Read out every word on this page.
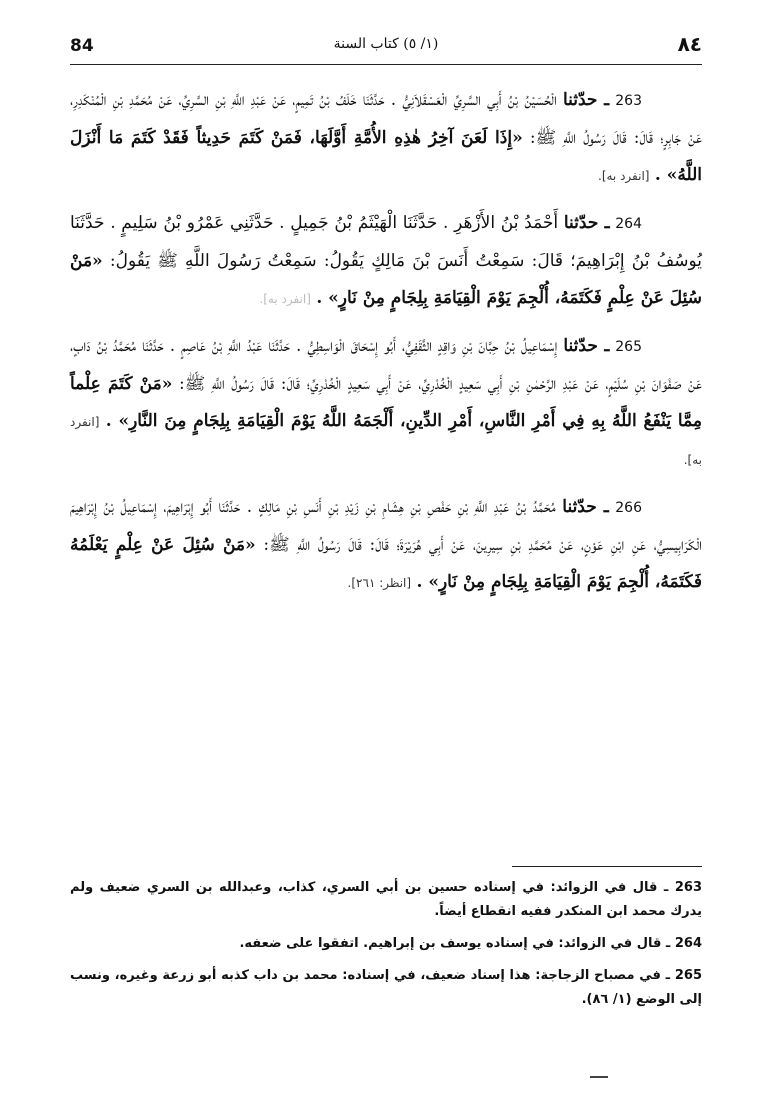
84	(١/ ٥) كتاب السنة	٨٤

263 ـ حدّثنا الْحُسَيْنُ بْنُ أَبِي السَّرِيِّ الْعَسْقَلاَنِيُّ . حَدَّثَنَا خَلَفُ بْنُ تَمِيمٍ، عَنْ عَبْدِ اللَّهِ بْنِ السَّرِيِّ، عَنْ مُحَمَّدِ بْنِ الْمُنْكَدِرِ، عَنْ جَابِرٍ؛ قَالَ: قَالَ رَسُولُ اللَّهِ ﷺ: «إِذَا لَعَنَ آخِرُ هٰذِهِ الأُمَّةِ أَوَّلَهَا، فَمَنْ كَتَمَ حَدِيثاً فَقَدْ كَتَمَ مَا أَنْزَلَ اللَّهُ» . [انفرد به].

264 ـ حدّثنا أَحْمَدُ بْنُ الأَزْهَرِ . حَدَّثَنَا الْهَيْثَمُ بْنُ جَمِيلٍ . حَدَّثَنِي عَمْرُو بْنُ سَلِيمٍ . حَدَّثَنَا يُوسُفُ بْنُ إِبْرَاهِيمَ؛ قَالَ: سَمِعْتُ أَنَسَ بْنَ مَالِكٍ يَقُولُ: سَمِعْتُ رَسُولَ اللَّهِ ﷺ يَقُولُ: «مَنْ سُئِلَ عَنْ عِلْمٍ فَكَتَمَهُ، أُلْجِمَ يَوْمَ الْقِيَامَةِ بِلِجَامٍ مِنْ نَارٍ» . [انفرد به].

265 ـ حدّثنا إِسْمَاعِيلُ بْنُ حِبَّانَ بْنِ وَاقِدٍ الثَّقَفِيُّ، أَبُو إِسْحَاقَ الْوَاسِطِيُّ . حَدَّثَنَا عَبْدُ اللَّهِ بْنُ عَاصِمٍ . حَدَّثَنَا مُحَمَّدُ بْنُ دَابٍ، عَنْ صَفْوَانَ بْنِ سُلَيْمٍ، عَنْ عَبْدِ الرَّحْمٰنِ بْنِ أَبِي سَعِيدٍ الْخُدْرِيِّ، عَنْ أَبِي سَعِيدٍ الْخُدْرِيِّ؛ قَالَ: قَالَ رَسُولُ اللَّهِ ﷺ: «مَنْ كَتَمَ عِلْماً مِمَّا يَنْفَعُ اللَّهُ بِهِ فِي أَمْرِ النَّاسِ، أَمْرِ الدِّينِ، أَلْجَمَهُ اللَّهُ يَوْمَ الْقِيَامَةِ بِلِجَامٍ مِنَ النَّارِ» . [انفرد به].

266 ـ حدّثنا مُحَمَّدُ بْنُ عَبْدِ اللَّهِ بْنِ حَفْصِ بْنِ هِشَامِ بْنِ زَيْدِ بْنِ أَنَسِ بْنِ مَالِكٍ . حَدَّثَنَا أَبُو إِبْرَاهِيمَ، إِسْمَاعِيلُ بْنُ إِبْرَاهِيمَ الْكَرَابِيسِيُّ، عَنِ ابْنِ عَوْنٍ، عَنْ مُحَمَّدِ بْنِ سِيرِينَ، عَنْ أَبِي هُرَيْرَةَ؛ قَالَ: قَالَ رَسُولُ اللَّهِ ﷺ: «مَنْ سُئِلَ عَنْ عِلْمٍ يَعْلَمُهُ فَكَتَمَهُ، أُلْجِمَ يَوْمَ الْقِيَامَةِ بِلِجَامٍ مِنْ نَارٍ» . [انظر: ٢٦١].

263 ـ قال في الزوائد: في إسناده حسين بن أبي السري، كذاب، وعبدالله بن السري ضعيف ولم يدرك محمد ابن المنكدر ففيه انقطاع أيضاً.

264 ـ قال في الزوائد: في إسناده يوسف بن إبراهيم. اتفقوا على ضعفه.

265 ـ في مصباح الزجاجة: هذا إسناد ضعيف، في إسناده: محمد بن داب كذبه أبو زرعة وغيره، ونسب إلى الوضع (١/ ٨٦).
